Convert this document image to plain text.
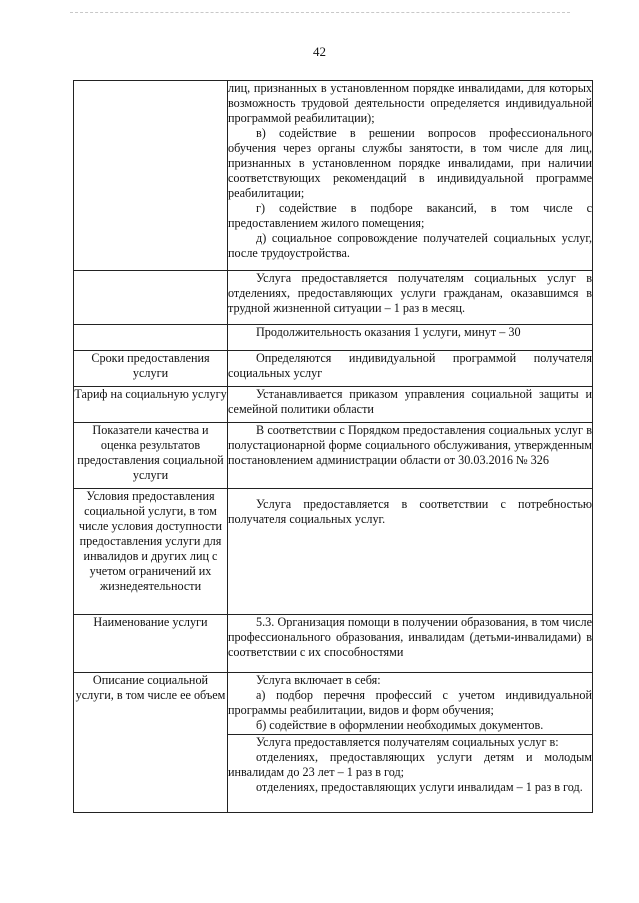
42

	лиц, признанных в установленном порядке инвалидами, для которых возможность трудовой деятельности определяется индивидуальной программой реабилитации);

в) содействие в решении вопросов профессионального обучения через органы службы занятости, в том числе для лиц, признанных в установленном порядке инвалидами, при наличии соответствующих рекомендаций в индивидуальной программе реабилитации;

г) содействие в подборе вакансий, в том числе с предоставлением жилого помещения;

д) социальное сопровождение получателей социальных услуг, после трудоустройства.

	Услуга предоставляется получателям социальных услуг в отделениях, предоставляющих услуги гражданам, оказавшимся в трудной жизненной ситуации – 1 раз в месяц.

	Продолжительность оказания 1 услуги, минут – 30

Сроки предоставления услуги	Определяются индивидуальной программой получателя социальных услуг

Тариф на социальную услугу	Устанавливается приказом управления социальной защиты и семейной политики области

Показатели качества и оценка результатов предоставления социальной услуги	В соответствии с Порядком предоставления социальных услуг в полустационарной форме социального обслуживания, утвержденным постановлением администрации области от 30.03.2016 № 326

Условия предоставления социальной услуги, в том числе условия доступности предоставления услуги для инвалидов и других лиц с учетом ограничений их жизнедеятельности	Услуга предоставляется в соответствии с потребностью получателя социальных услуг.

Наименование услуги	5.3. Организация помощи в получении образования, в том числе профессионального образования, инвалидам (детьми-инвалидами) в соответствии с их способностями

Описание социальной услуги, в том числе ее объем	Услуга включает в себя:

а) подбор перечня профессий с учетом индивидуальной программы реабилитации, видов и форм обучения;

б) содействие в оформлении необходимых документов.

	Услуга предоставляется получателям социальных услуг в:

отделениях, предоставляющих услуги детям и молодым инвалидам до 23 лет – 1 раз в год;

отделениях, предоставляющих услуги инвалидам – 1 раз в год.
